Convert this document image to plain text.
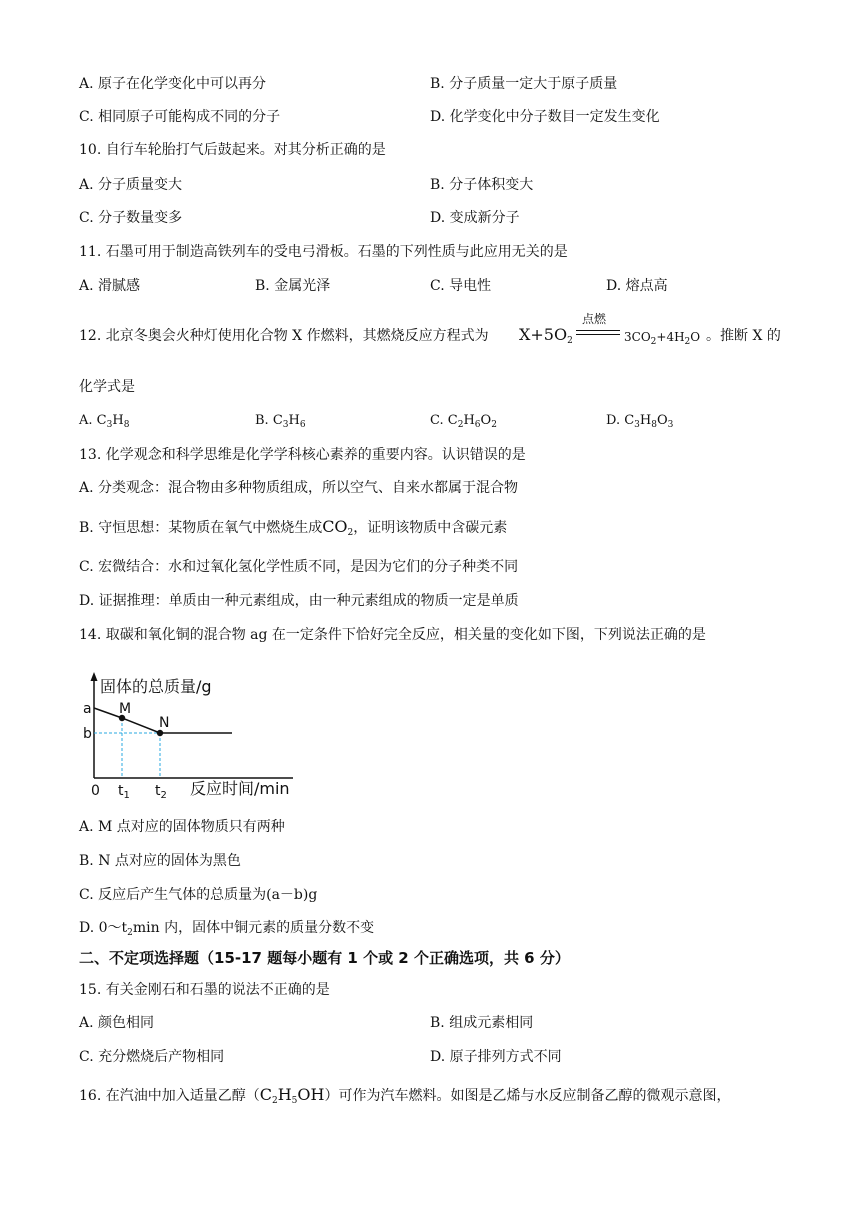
A. 原子在化学变化中可以再分	B. 分子质量一定大于原子质量
C. 相同原子可能构成不同的分子	D. 化学变化中分子数目一定发生变化
10. 自行车轮胎打气后鼓起来。对其分析正确的是
A. 分子质量变大	B. 分子体积变大
C. 分子数量变多	D. 变成新分子
11. 石墨可用于制造高铁列车的受电弓滑板。石墨的下列性质与此应用无关的是
A. 滑腻感	B. 金属光泽	C. 导电性	D. 熔点高
12. 北京冬奥会火种灯使用化合物 X 作燃料，其燃烧反应方程式为 $X+5O_2$
点燃
$3CO_2+4H_2O$ 。推断 X 的
化学式是
A. $C_3H_8$	B. $C_3H_6$	C. $C_2H_6O_2$	D. $C_3H_8O_3$
13. 化学观念和科学思维是化学学科核心素养的重要内容。认识错误的是
A. 分类观念：混合物由多种物质组成，所以空气、自来水都属于混合物
B. 守恒思想：某物质在氧气中燃烧生成$CO_2$，证明该物质中含碳元素
C. 宏微结合：水和过氧化氢化学性质不同，是因为它们的分子种类不同
D. 证据推理：单质由一种元素组成，由一种元素组成的物质一定是单质
14. 取碳和氧化铜的混合物 ag 在一定条件下恰好完全反应，相关量的变化如下图，下列说法正确的是
固体的总质量/g
a
b
M
N
0 $t_1$ $t_2$ 反应时间/min
A. M 点对应的固体物质只有两种
B. N 点对应的固体为黑色
C. 反应后产生气体的总质量为(a－b)g
D. $0\sim t_2\min$ 内，固体中铜元素的质量分数不变
二、不定项选择题（15-17 题每小题有 1 个或 2 个正确选项，共 6 分）
15. 有关金刚石和石墨的说法不正确的是
A. 颜色相同	B. 组成元素相同
C. 充分燃烧后产物相同	D. 原子排列方式不同
16. 在汽油中加入适量乙醇$(C_2H_5OH)$可作为汽车燃料。如图是乙烯与水反应制备乙醇的微观示意图，
